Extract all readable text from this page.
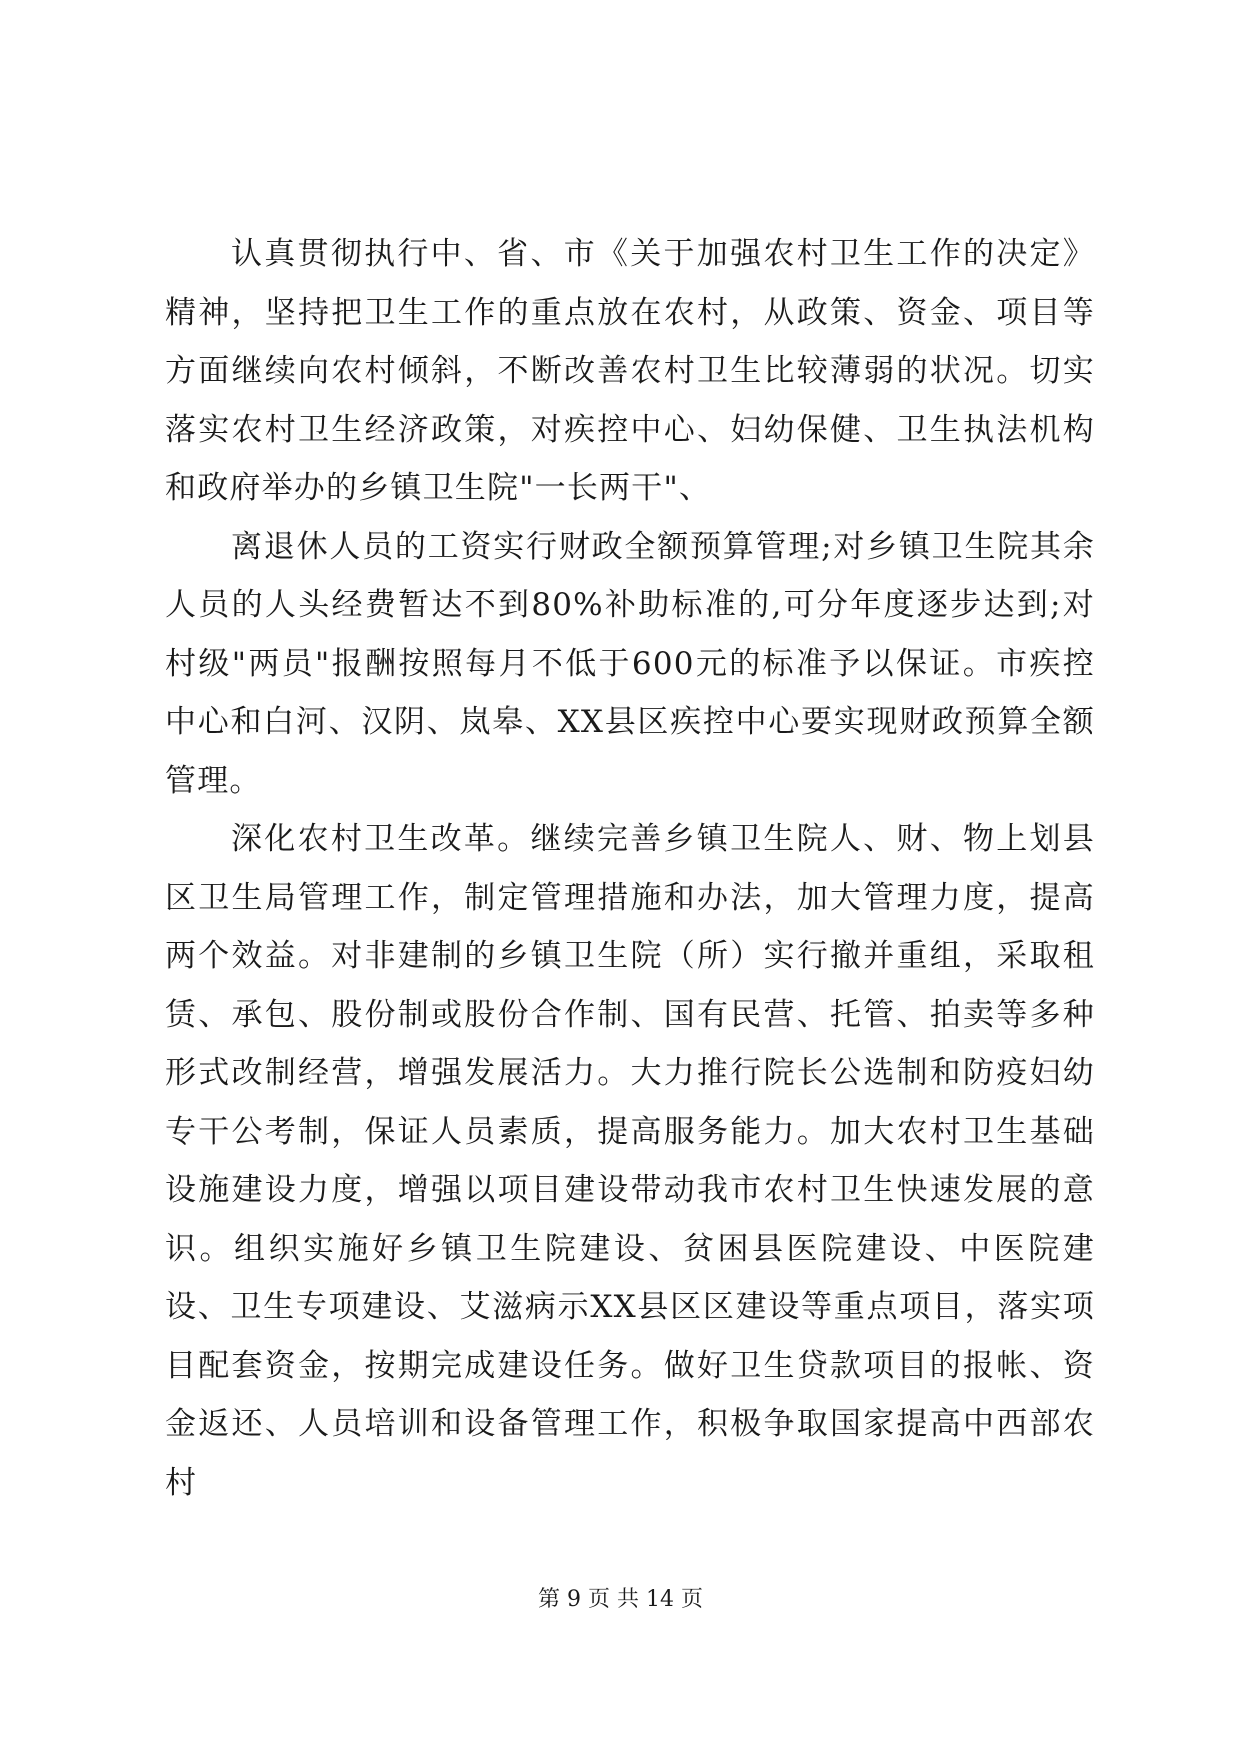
认真贯彻执行中、省、市《关于加强农村卫生工作的决定》精神，坚持把卫生工作的重点放在农村，从政策、资金、项目等方面继续向农村倾斜，不断改善农村卫生比较薄弱的状况。切实落实农村卫生经济政策，对疾控中心、妇幼保健、卫生执法机构和政府举办的乡镇卫生院"一长两干"、

离退休人员的工资实行财政全额预算管理;对乡镇卫生院其余人员的人头经费暂达不到80%补助标准的,可分年度逐步达到;对村级"两员"报酬按照每月不低于600元的标准予以保证。市疾控中心和白河、汉阴、岚皋、XX县区疾控中心要实现财政预算全额管理。

深化农村卫生改革。继续完善乡镇卫生院人、财、物上划县区卫生局管理工作，制定管理措施和办法，加大管理力度，提高两个效益。对非建制的乡镇卫生院（所）实行撤并重组，采取租赁、承包、股份制或股份合作制、国有民营、托管、拍卖等多种形式改制经营，增强发展活力。大力推行院长公选制和防疫妇幼专干公考制，保证人员素质，提高服务能力。加大农村卫生基础设施建设力度，增强以项目建设带动我市农村卫生快速发展的意识。组织实施好乡镇卫生院建设、贫困县医院建设、中医院建设、卫生专项建设、艾滋病示XX县区区建设等重点项目，落实项目配套资金，按期完成建设任务。做好卫生贷款项目的报帐、资金返还、人员培训和设备管理工作，积极争取国家提高中西部农村

第 9 页 共 14 页
